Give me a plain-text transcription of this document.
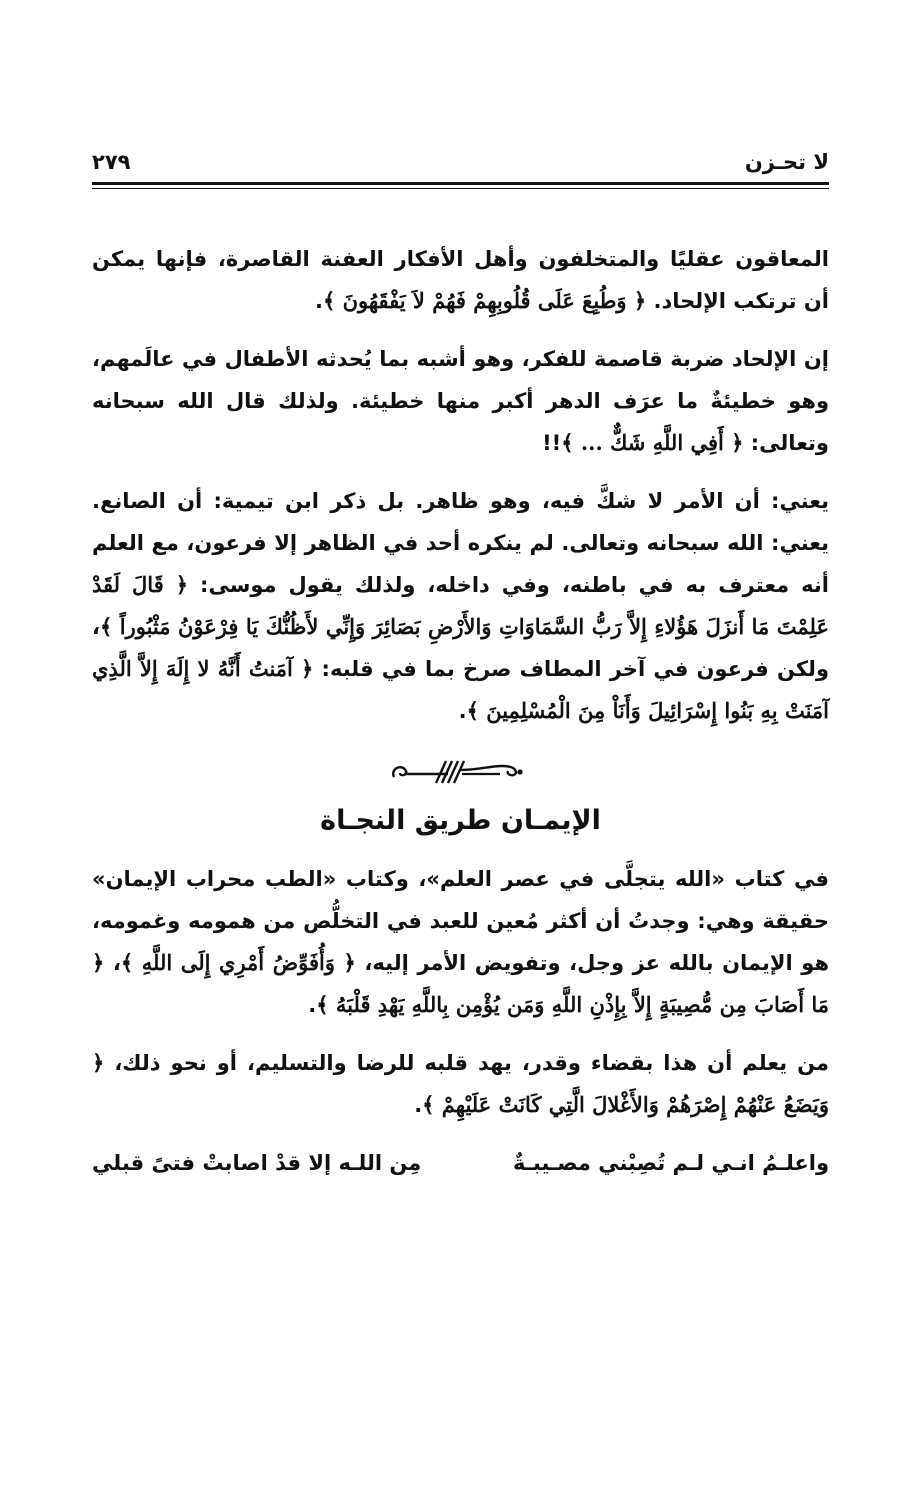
لا تحـزن
٢٧٩

المعاقون عقليًا والمتخلفون وأهل الأفكار العفنة القاصرة، فإنها يمكن أن ترتكب الإلحاد. ﴿ وَطُبِعَ عَلَى قُلُوبِهِمْ فَهُمْ لاَ يَفْقَهُونَ ﴾.

إن الإلحاد ضربة قاصمة للفكر، وهو أشبه بما يُحدثه الأطفال في عالَمهم، وهو خطيئةٌ ما عرَف الدهر أكبر منها خطيئة. ولذلك قال الله سبحانه وتعالى: ﴿ أَفِي اللَّهِ شَكٌّ ... ﴾!!

يعني: أن الأمر لا شكَّ فيه، وهو ظاهر. بل ذكر ابن تيمية: أن الصانع. يعني: الله سبحانه وتعالى. لم ينكره أحد في الظاهر إلا فرعون، مع العلم أنه معترف به في باطنه، وفي داخله، ولذلك يقول موسى: ﴿ قَالَ لَقَدْ عَلِمْتَ مَا أَنزَلَ هَؤُلاءِ إِلاَّ رَبُّ السَّمَاوَاتِ وَالأَرْضِ بَصَائِرَ وَإِنِّي لأَظُنُّكَ يَا فِرْعَوْنُ مَثْبُوراً ﴾، ولكن فرعون في آخر المطاف صرخ بما في قلبه: ﴿ آمَنتُ أَنَّهُ لا إِلَهَ إِلاَّ الَّذِي آمَنَتْ بِهِ بَنُوا إِسْرَائِيلَ وَأَنَاْ مِنَ الْمُسْلِمِينَ ﴾.

الإيمـان طريق النجـاة

في كتاب «الله يتجلَّى في عصر العلم»، وكتاب «الطب محراب الإيمان» حقيقة وهي: وجدتُ أن أكثر مُعين للعبد في التخلُّص من همومه وغمومه، هو الإيمان بالله عز وجل، وتفويض الأمر إليه، ﴿ وَأُفَوِّضُ أَمْرِي إِلَى اللَّهِ ﴾، ﴿ مَا أَصَابَ مِن مُّصِيبَةٍ إِلاَّ بِإِذْنِ اللَّهِ وَمَن يُؤْمِن بِاللَّهِ يَهْدِ قَلْبَهُ ﴾.

من يعلم أن هذا بقضاء وقدر، يهد قلبه للرضا والتسليم، أو نحو ذلك، ﴿ وَيَضَعُ عَنْهُمْ إِصْرَهُمْ وَالأَغْلالَ الَّتِي كَانَتْ عَلَيْهِمْ ﴾.

واعلـمُ انـي لـم تُصِبْني مصـيبـةٌ
مِن اللـه إلا قدْ اصابتْ فتىً قبلي
